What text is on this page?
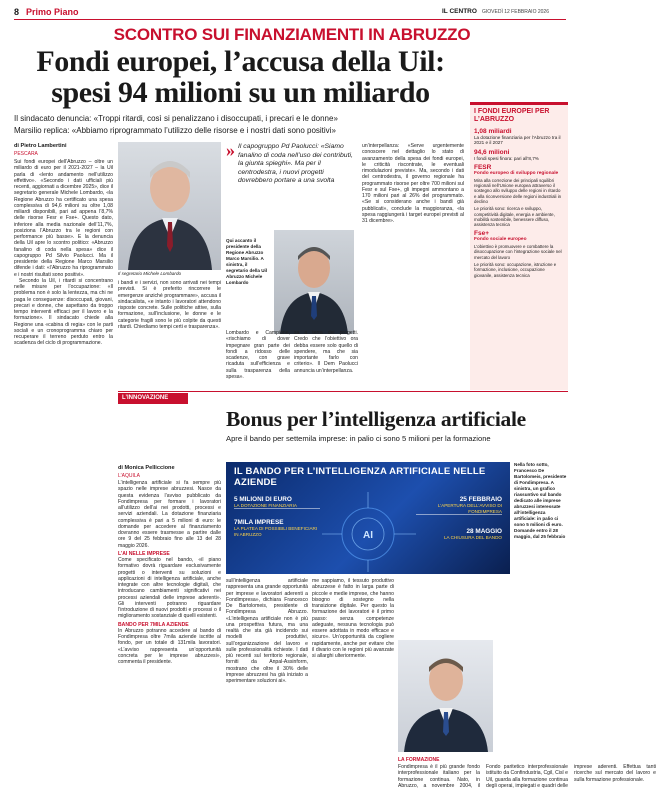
8 Primo Piano	IL CENTRO GIOVEDÌ 12 FEBBRAIO 2026
SCONTRO SUI FINANZIAMENTI IN ABRUZZO
Fondi europei, l’accusa della Uil: spesi 94 milioni su un miliardo
Il sindacato denuncia: «Troppi ritardi, così si penalizzano i disoccupati, i precari e le donne»
Marsilio replica: «Abbiamo riprogrammato l’utilizzo delle risorse e i nostri dati sono positivi»
di Pietro Lambertini
PESCARA

Sui fondi europei dell’Abruzzo – oltre un miliardo di euro per il 2021-2027 – la Uil parla di «lento andamento nell’utilizzo effettivo». «Secondo i dati ufficiali più recenti, aggiornati a dicembre 2025», dice il segretario generale Michele Lombardo, «la Regione Abruzzo ha certificato una spesa complessiva di 94,6 milioni su oltre 1,08 miliardi disponibili, pari ad appena l’8,7% delle risorse Fesr e Fse+. Questo dato, inferiore alla media nazionale dell’11,7%, posiziona l’Abruzzo tra le regioni con performance più basse». E la denuncia della Uil apre lo scontro politico: «Abruzzo fanalino di coda nella spesa» dice il capogruppo Pd Silvio Paolucci. Ma il presidente della Regione Marco Marsilio difende i dati: «l’Abruzzo ha riprogrammato e i nostri risultati sono positivi».

Secondo la Uil, i ritardi si concentrano nelle misure per l’occupazione: «Il problema non è solo la lentezza, ma chi ne paga le conseguenze: disoccupati, giovani, precari e donne, che aspettano da troppo tempo interventi efficaci per il lavoro e la formazione». Il sindacato chiede alla Regione una «cabina di regia» con le parti sociali e un cronoprogramma chiaro per recuperare il terreno perduto entro la scadenza del ciclo di programmazione.

Il segretario Michele Lombardo
i bandi e i servizi, non sono arrivati nei tempi previsti. Si è preferito rincorrere le emergenze anziché programmare», accusa il sindacalista, «e intanto i lavoratori attendono risposte concrete. Sulle politiche attive, sulla formazione, sull’inclusione, le donne e le categorie fragili sono le più colpite da questi ritardi. Chiediamo tempi certi e trasparenza».
» Il capogruppo Pd Paolucci: «Siamo fanalino di coda nell’uso dei contributi, la giunta spieghi». Ma per il centrodestra, i nuovi progetti dovrebbero portare a una svolta
Qui accanto il presidente della Regione Abruzzo Marco Marsilio. A sinistra, il segretario della Uil Abruzzo Michele Lombardo
Lombardo e Campione, «rischiamo di dover impegnare gran parte dei fondi a ridosso delle scadenze, con grave ricaduta sull’efficienza e sulla trasparenza della spesa».
sa a terra dei progetti. Credo che l’obiettivo ora debba essere solo quello di spendere, ma che sia importante farlo con criterio». Il Dem Paolucci annuncia un’interpellanza.
un’interpellanza: «Serve urgentemente conoscere nel dettaglio lo stato di avanzamento della spesa dei fondi europei, le criticità riscontrate, le eventuali rimodulazioni previste». Ma, secondo i dati del centrodestra, il governo regionale ha programmato risorse per oltre 700 milioni sul Fesr e sul Fse+, gli impegni ammontano a 170 milioni pari al 26% del programmato. «Se si considerano anche i bandi già pubblicati», conclude la maggioranza, «la spesa raggiungerà i target europei previsti al 31 dicembre».
I FONDI EUROPEI PER L’ABRUZZO
1,08 miliardi
La dotazione finanziaria per l’Abruzzo tra il 2021 e il 2027
94,6 milioni
I fondi spesi finora: pari all’8,7%
FESR
Fondo europeo di sviluppo regionale
Mira alla correzione dei principali squilibri regionali nell’Unione europea attraverso il sostegno allo sviluppo delle regioni in ritardo e alla riconversione delle regioni industriali in declino
Le priorità sono: ricerca e sviluppo, competitività digitale, energia e ambiente, mobilità sostenibile, benessere diffuso, assistenza tecnica
Fse+
Fondo sociale europeo
L’obiettivo è promuovere e combattere la disoccupazione con l’integrazione sociale nel mercato del lavoro
Le priorità sono: occupazione, istruzione e formazione, inclusione, occupazione giovanile, assistenza tecnica
L’INNOVAZIONE
Bonus per l’intelligenza artificiale
Apre il bando per settemila imprese: in palio ci sono 5 milioni per la formazione
di Monica Pelliccione
L’AQUILA

L’intelligenza artificiale si fa sempre più spazio nelle imprese abruzzesi. Nasce da questa evidenza l’avviso pubblicato da Fondimpresa per formare i lavoratori all’utilizzo dell’ai nei prodotti, processi e servizi aziendali. La dotazione finanziaria complessiva è pari a 5 milioni di euro: le domande per accedere al finanziamento dovranno essere trasmesse a partire dalle ore 9 del 25 febbraio fino alle 13 del 28 maggio 2026.

L’AI NELLE IMPRESE

Come specificato nel bando, «il piano formativo dovrà riguardare esclusivamente progetti o interventi su soluzioni e applicazioni di intelligenza artificiale, anche integrate con altre tecnologie digitali, che introducano cambiamenti significativi nei processi aziendali delle imprese aderenti». Gli interventi potranno riguardare l’introduzione di nuovi prodotti e processi o il miglioramento sostanziale di quelli esistenti.

BANDO PER 7MILA AZIENDE

In Abruzzo potranno accedere al bando di Fondimpresa oltre 7mila aziende iscritte al fondo, per un totale di 131mila lavoratori. «L’avviso rappresenta un’opportunità concreta per le imprese abruzzesi», commenta il presidente.

IL BANDO PER L’INTELLIGENZA ARTIFICIALE NELLE AZIENDE
AI
5 MILIONI DI EURO
LA DOTAZIONE FINANZIARIA
7MILA IMPRESE
LA PLATEA DI POSSIBILI BENEFICIARI IN ABRUZZO
25 FEBBRAIO
L’APERTURA DELL’AVVISO DI FONDIMPRESA
28 MAGGIO
LA CHIUSURA DEL BANDO
Nella foto sotto, Francesco De Bartolomeis, presidente di Fondimpresa. A sinistra, un grafico riassuntivo sul bando dedicato alle imprese abruzzesi interessate all’intelligenza artificiale: in palio ci sono 5 milioni di euro. Domande entro il 28 maggio, dal 25 febbraio
sull’intelligenza artificiale rappresenta una grande opportunità per imprese e lavoratori aderenti a Fondimpresa», dichiara Francesco De Bartolomeis, presidente di Fondimpresa Abruzzo. «L’intelligenza artificiale non è più una prospettiva futura, ma una realtà che sta già incidendo sui modelli produttivi, sull’organizzazione del lavoro e sulle professionalità richieste. I dati più recenti sul territorio regionale, forniti da Anpal-Assinform, mostrano che oltre il 30% delle imprese abruzzesi ha già iniziato a sperimentare soluzioni ai».
me sappiamo, il tessuto produttivo abruzzese è fatto in larga parte di piccole e medie imprese, che hanno bisogno di sostegno nella transizione digitale. Per questo la formazione dei lavoratori è il primo passo: senza competenze adeguate, nessuna tecnologia può essere adottata in modo efficace e sicuro». Un’opportunità da cogliere rapidamente, anche per evitare che il divario con le regioni più avanzate si allarghi ulteriormente.
LA FORMAZIONE
Fondimpresa è il più grande fondo interprofessionale italiano per la formazione continua. Nato, in Abruzzo, a novembre 2004, il Fondo paritetico interprofessionale istituito da Confindustria, Cgil, Cisl e Uil, guarda alla formazione continua degli operai, impiegati e quadri delle imprese aderenti. Effettua tanti ricerche sul mercato del lavoro e sulla formazione professionale.
